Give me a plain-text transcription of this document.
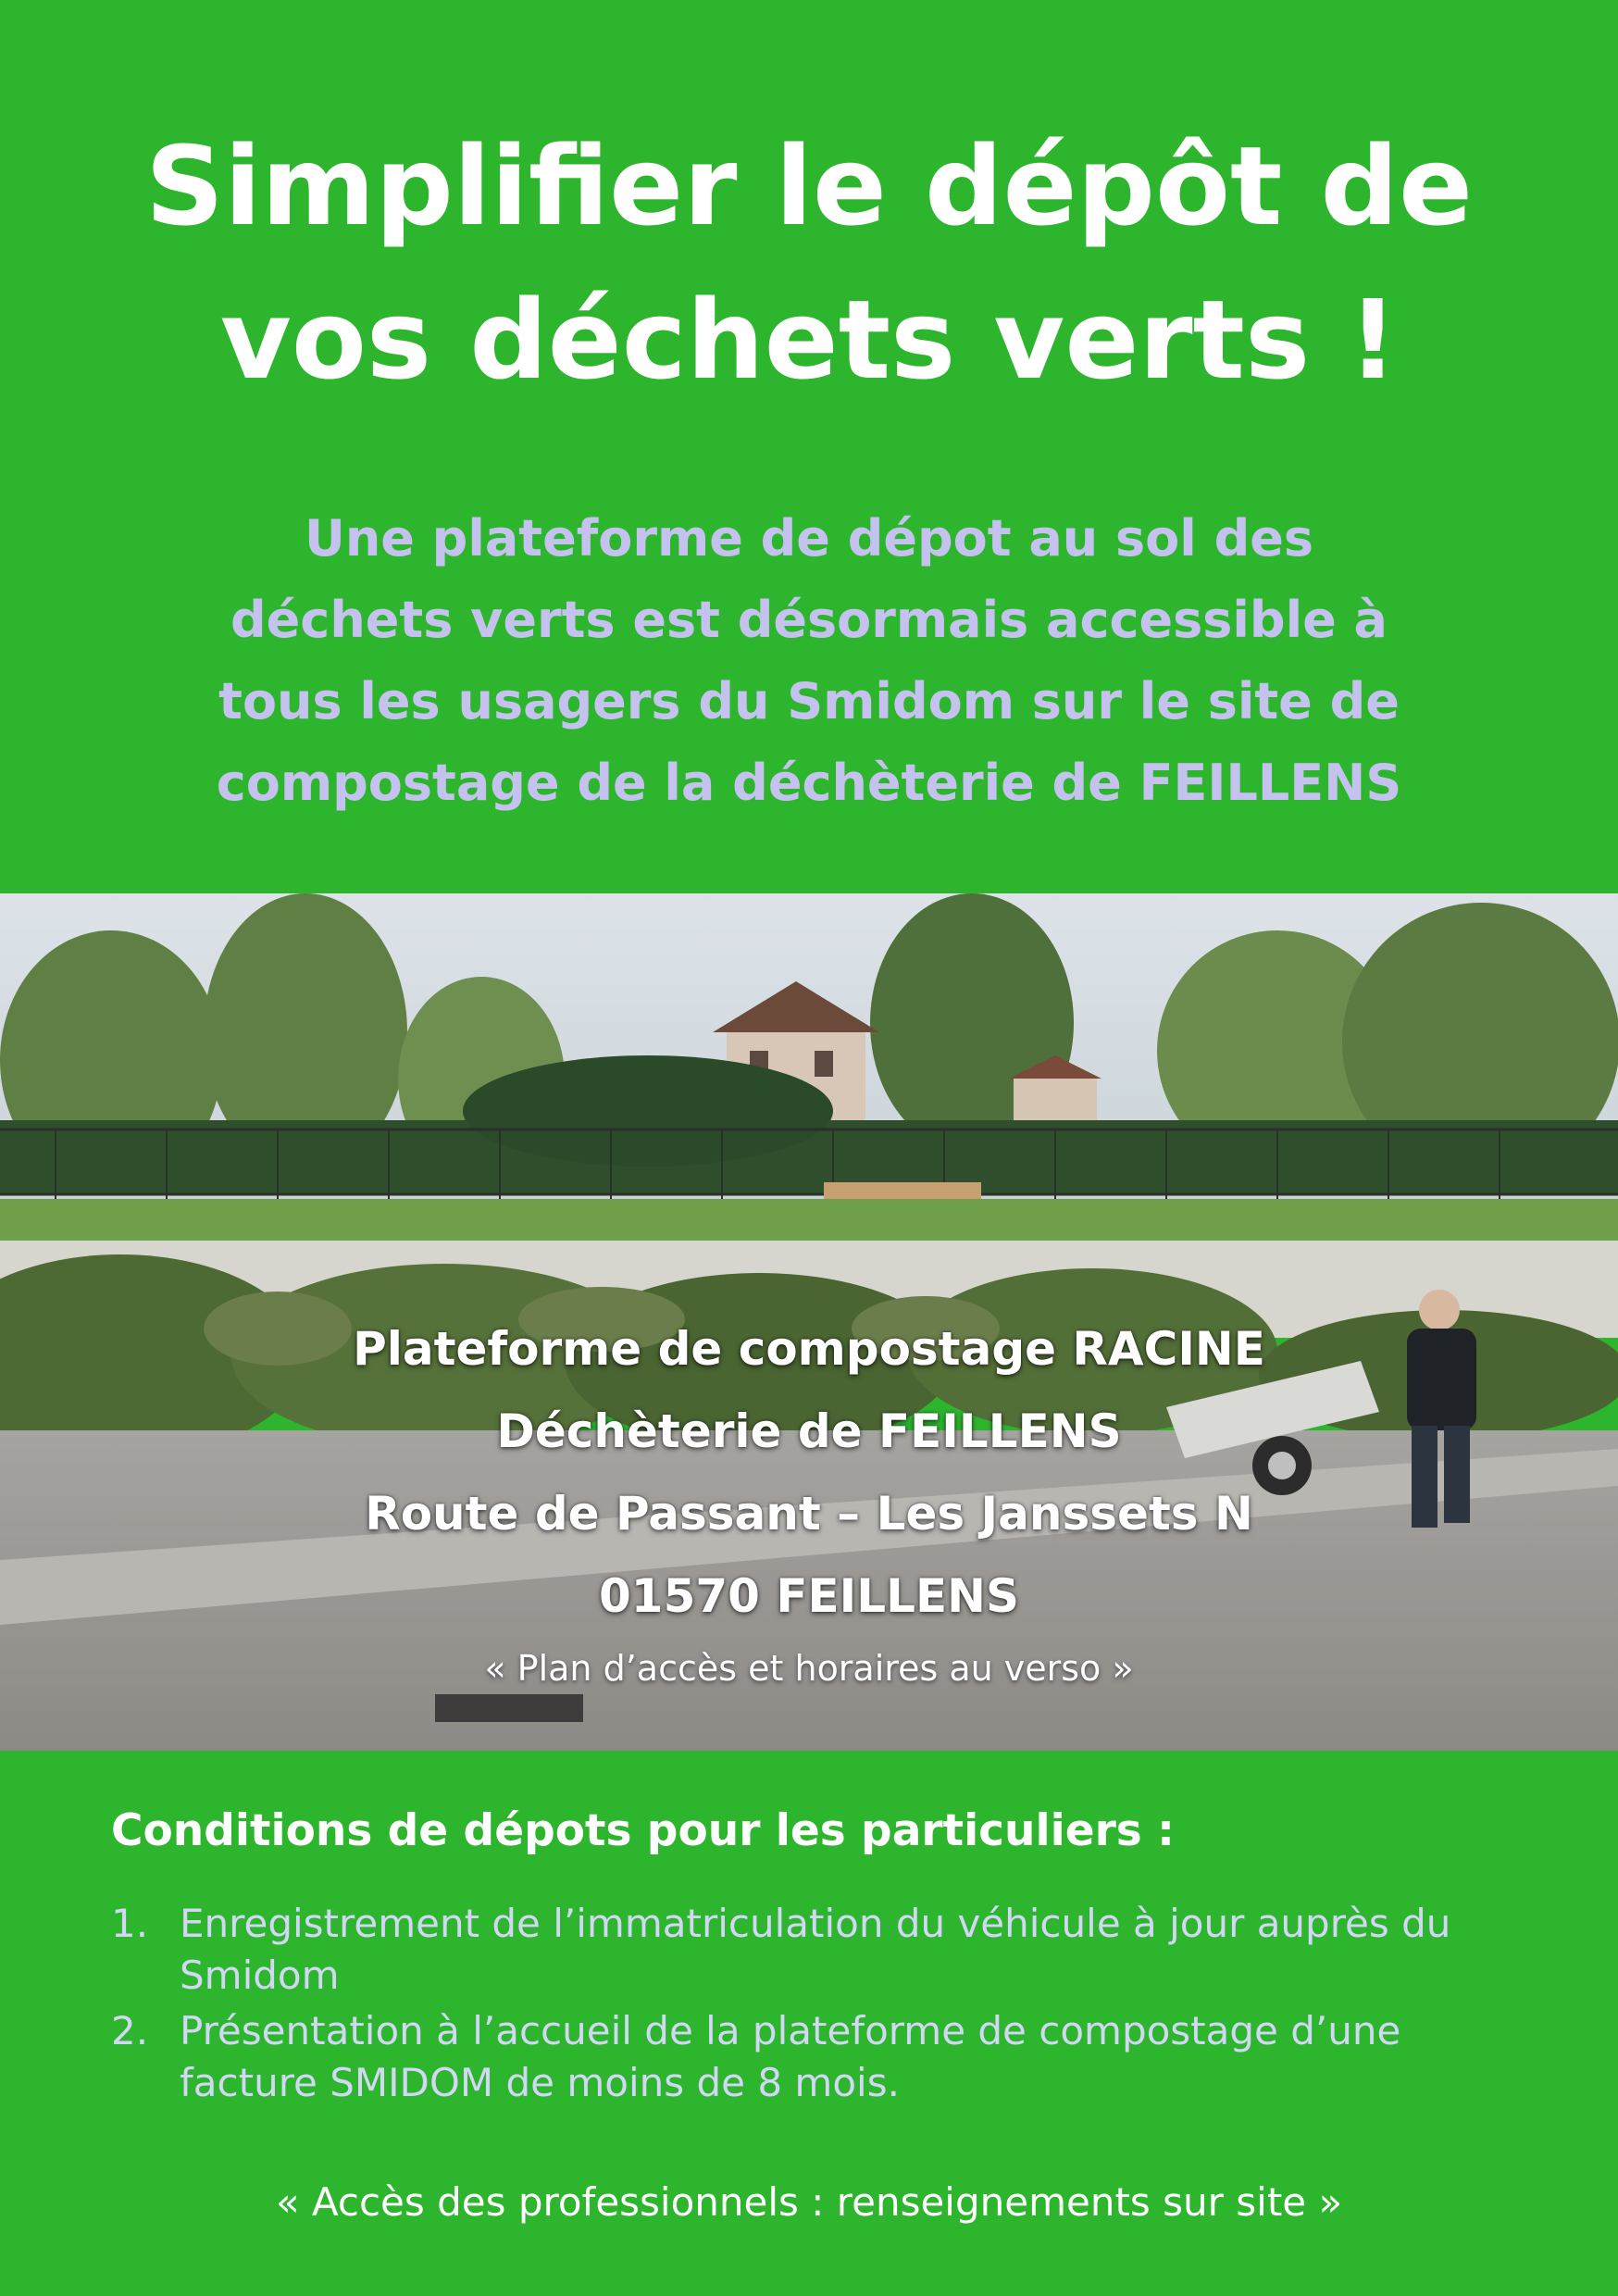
Simplifier le dépôt de
vos déchets verts !

Une plateforme de dépot au sol des
déchets verts est désormais accessible à
tous les usagers du Smidom sur le site de
compostage de la déchèterie de FEILLENS

Plateforme de compostage RACINE
Déchèterie de FEILLENS
Route de Passant – Les Janssets N
01570 FEILLENS
« Plan d’accès et horaires au verso »
Conditions de dépots pour les particuliers :
1. Enregistrement de l’immatriculation du véhicule à jour auprès du Smidom
2. Présentation à l’accueil de la plateforme de compostage d’une facture SMIDOM de moins de 8 mois.
« Accès des professionnels : renseignements sur site »
